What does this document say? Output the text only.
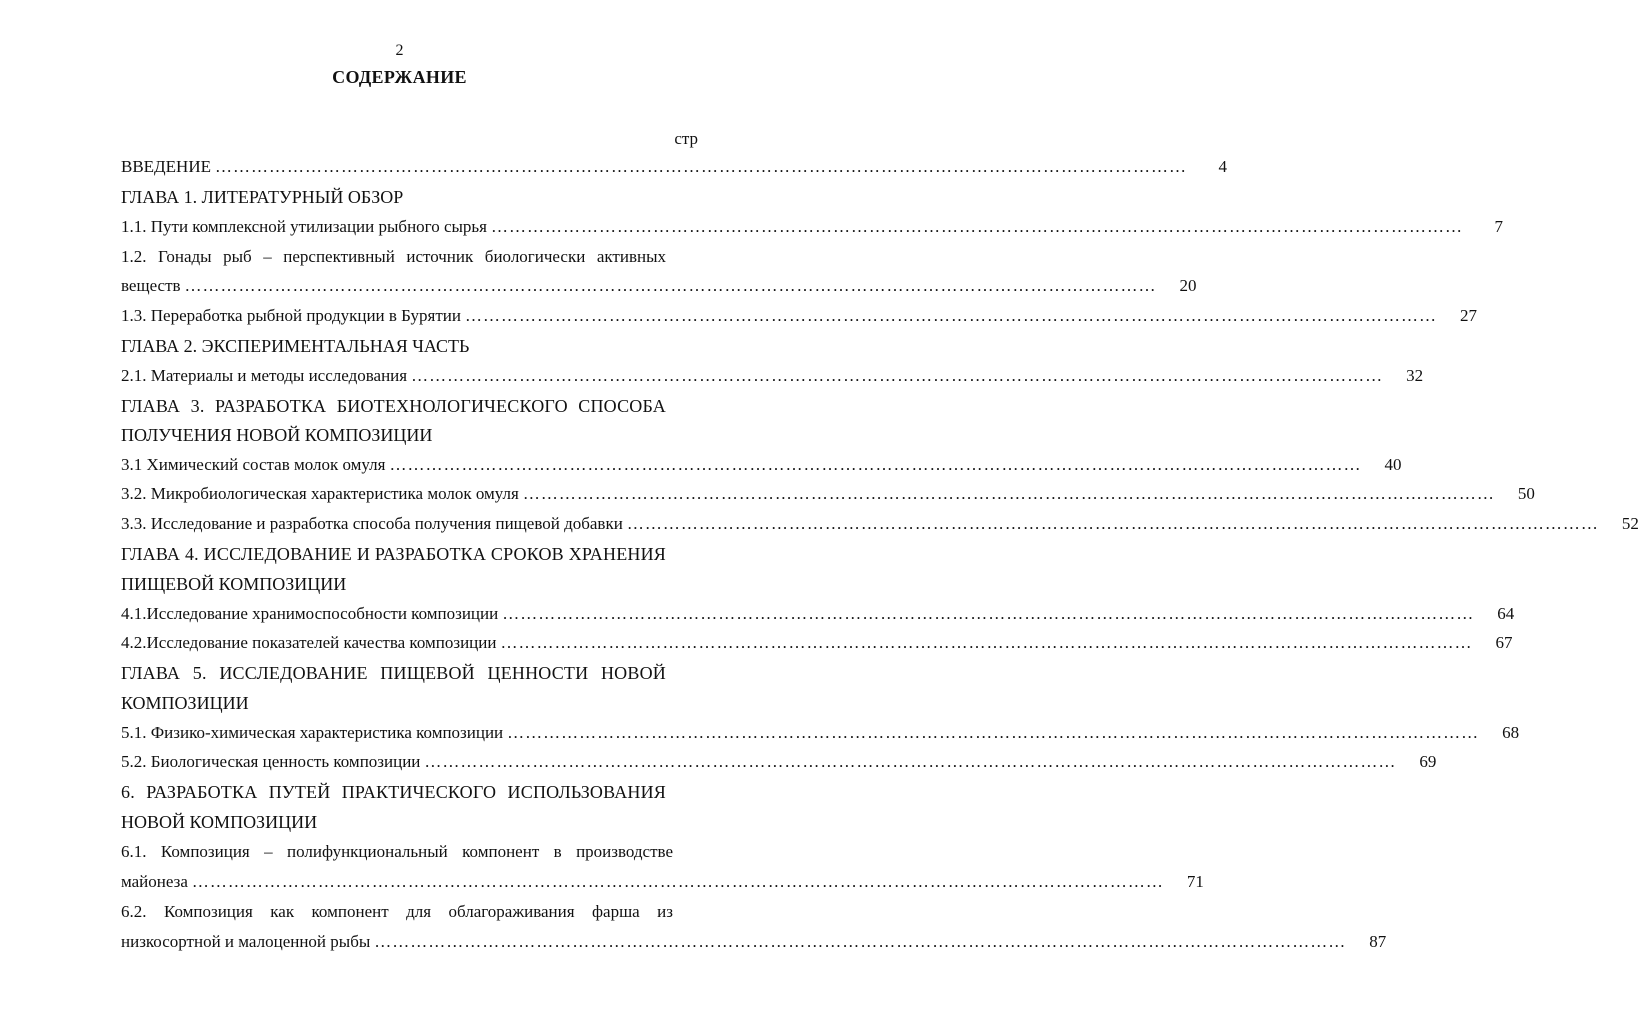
2
СОДЕРЖАНИЕ
стр
ВВЕДЕНИЕ ………………………………………………………………………………………………………………………………………………	4
ГЛАВА 1. ЛИТЕРАТУРНЫЙ ОБЗОР
1.1. Пути комплексной утилизации рыбного сырья ………………………………………………………………………………………………………………………………………………	7
1.2. Гонады рыб – перспективный источник биологически активных
веществ ………………………………………………………………………………………………………………………………………………	20
1.3. Переработка рыбной продукции в Бурятии ………………………………………………………………………………………………………………………………………………	27
ГЛАВА 2. ЭКСПЕРИМЕНТАЛЬНАЯ ЧАСТЬ
2.1. Материалы и методы исследования ………………………………………………………………………………………………………………………………………………	32
ГЛАВА 3. РАЗРАБОТКА БИОТЕХНОЛОГИЧЕСКОГО СПОСОБА
ПОЛУЧЕНИЯ НОВОЙ КОМПОЗИЦИИ
3.1 Химический состав молок омуля ………………………………………………………………………………………………………………………………………………	40
3.2. Микробиологическая характеристика молок омуля ………………………………………………………………………………………………………………………………………………	50
3.3. Исследование и разработка способа получения пищевой добавки ………………………………………………………………………………………………………………………………………………	52
ГЛАВА 4. ИССЛЕДОВАНИЕ И РАЗРАБОТКА СРОКОВ ХРАНЕНИЯ
ПИЩЕВОЙ КОМПОЗИЦИИ
4.1.Исследование хранимоспособности композиции ………………………………………………………………………………………………………………………………………………	64
4.2.Исследование показателей качества композиции ………………………………………………………………………………………………………………………………………………	67
ГЛАВА 5. ИССЛЕДОВАНИЕ ПИЩЕВОЙ ЦЕННОСТИ НОВОЙ
КОМПОЗИЦИИ
5.1. Физико-химическая характеристика композиции ………………………………………………………………………………………………………………………………………………	68
5.2. Биологическая ценность композиции ………………………………………………………………………………………………………………………………………………	69
6. РАЗРАБОТКА ПУТЕЙ ПРАКТИЧЕСКОГО ИСПОЛЬЗОВАНИЯ
НОВОЙ КОМПОЗИЦИИ
6.1. Композиция – полифункциональный компонент в производстве
майонеза ………………………………………………………………………………………………………………………………………………	71
6.2. Композиция как компонент для облагораживания фарша из
низкосортной и малоценной рыбы ………………………………………………………………………………………………………………………………………………	87
